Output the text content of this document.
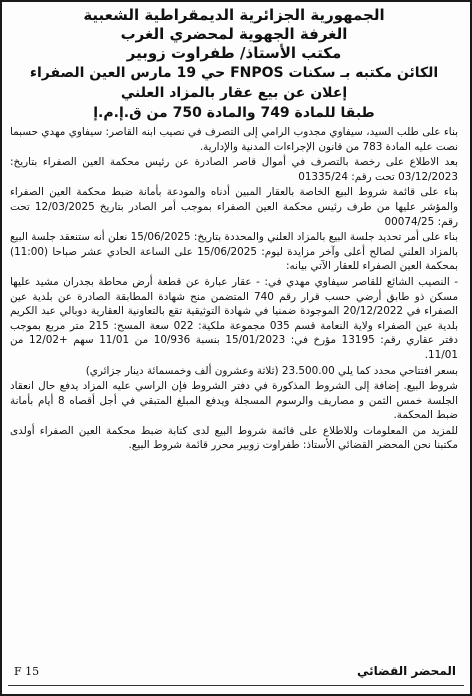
الجمهورية الجزائرية الديمقراطية الشعبية
الغرفة الجهوية لمحضري الغرب
مكتب الأستاذ/ طفراوت زوبير
الكائن مكتبه بـ سكنات FNPOS حي 19 مارس العين الصفراء
إعلان عن بيع عقار بالمزاد العلني
طبقا للمادة 749 والمادة 750 من ق.إ.م.إ

بناء على طلب السيد، سيفاوي مجدوب الرامي إلى التصرف في نصيب ابنه القاصر: سيفاوي مهدي حسبما نصت عليه المادة 783 من قانون الإجراءات المدنية والإدارية.

بعد الاطلاع على رخصة بالتصرف في أموال قاصر الصادرة عن رئيس محكمة العين الصفراء بتاريخ: 03/12/2023 تحت رقم: 01335/24

بناء على قائمة شروط البيع الخاصة بالعقار المبين أدناه والمودعة بأمانة ضبط محكمة العين الصفراء والمؤشر عليها من طرف رئيس محكمة العين الصفراء بموجب أمر الصادر بتاريخ 12/03/2025 تحت رقم: 00074/25

بناء على أمر تحديد جلسة البيع بالمزاد العلني والمحددة بتاريخ: 15/06/2025 نعلن أنه ستنعقد جلسة البيع بالمزاد العلني لصالح أعلى وآخر مزايدة ليوم: 15/06/2025 على الساعة الحادي عشر صباحا (11:00) بمحكمة العين الصفراء للعقار الآتي بيانه:

- النصيب الشائع للقاصر سيفاوي مهدي في: - عقار عبارة عن قطعة أرض محاطة بجدران مشيد عليها مسكن ذو طابق أرضي حسب قرار رقم 740 المتضمن منح شهادة المطابقة الصادرة عن بلدية عين الصفراء في 20/12/2022 الموجودة ضمنيا في شهادة التوثيقية تقع بالتعاونية العقارية دوبالي عبد الكريم بلدية عين الصفراء ولاية النعامة قسم 035 مجموعة ملكية: 022 سعة المسح: 215 متر مربع بموجب دفتر عقاري رقم: 13195 مؤرخ في: 15/01/2023 بنسبة 10/936 من 11/01 سهم +12/02 من 11/01.

بسعر افتتاحي محدد كما يلي 23.500.00 (ثلاثة وعشرون ألف وخمسمائة دينار جزائري)

شروط البيع. إضافة إلى الشروط المذكورة في دفتر الشروط فإن الراسي عليه المزاد يدفع حال انعقاد الجلسة خمس الثمن و مصاريف والرسوم المسجلة ويدفع المبلغ المتبقي في أجل أقصاه 8 أيام بأمانة ضبط المحكمة.

للمزيد من المعلومات وللاطلاع على قائمة شروط البيع لدى كتابة ضبط محكمة العين الصفراء أولدى مكتبنا نحن المحضر القضائي الأستاذ: طفراوت زوبير محرر قائمة شروط البيع.

المحضر القضائي
F 15
